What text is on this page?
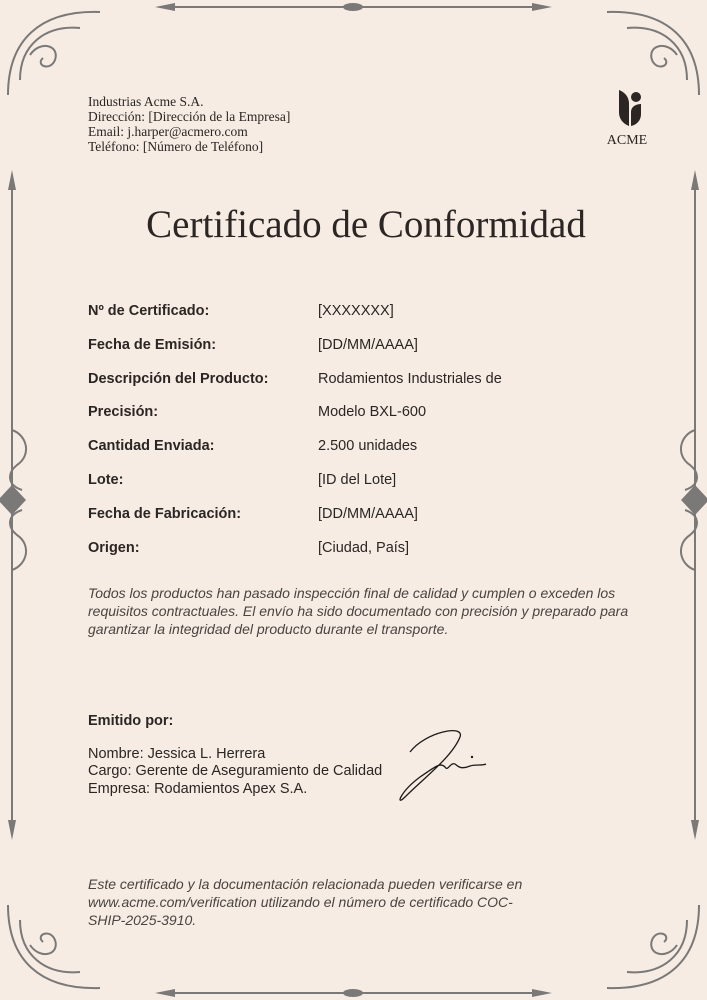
Industrias Acme S.A.
Dirección: [Dirección de la Empresa]
Email: j.harper@acmero.com
Teléfono: [Número de Teléfono]	ACME
Certificado de Conformidad
Nº de Certificado:	[XXXXXXX]
Fecha de Emisión:	[DD/MM/AAAA]
Descripción del Producto:	Rodamientos Industriales de
Precisión:	Modelo BXL-600
Cantidad Enviada:	2.500 unidades
Lote:	[ID del Lote]
Fecha de Fabricación:	[DD/MM/AAAA]
Origen:	[Ciudad, País]
Todos los productos han pasado inspección final de calidad y cumplen o exceden los requisitos contractuales. El envío ha sido documentado con precisión y preparado para garantizar la integridad del producto durante el transporte.
Emitido por:
Nombre: Jessica L. Herrera
Cargo: Gerente de Aseguramiento de Calidad
Empresa: Rodamientos Apex S.A.
Este certificado y la documentación relacionada pueden verificarse en www.acme.com/verification utilizando el número de certificado COC-SHIP-2025-3910.
